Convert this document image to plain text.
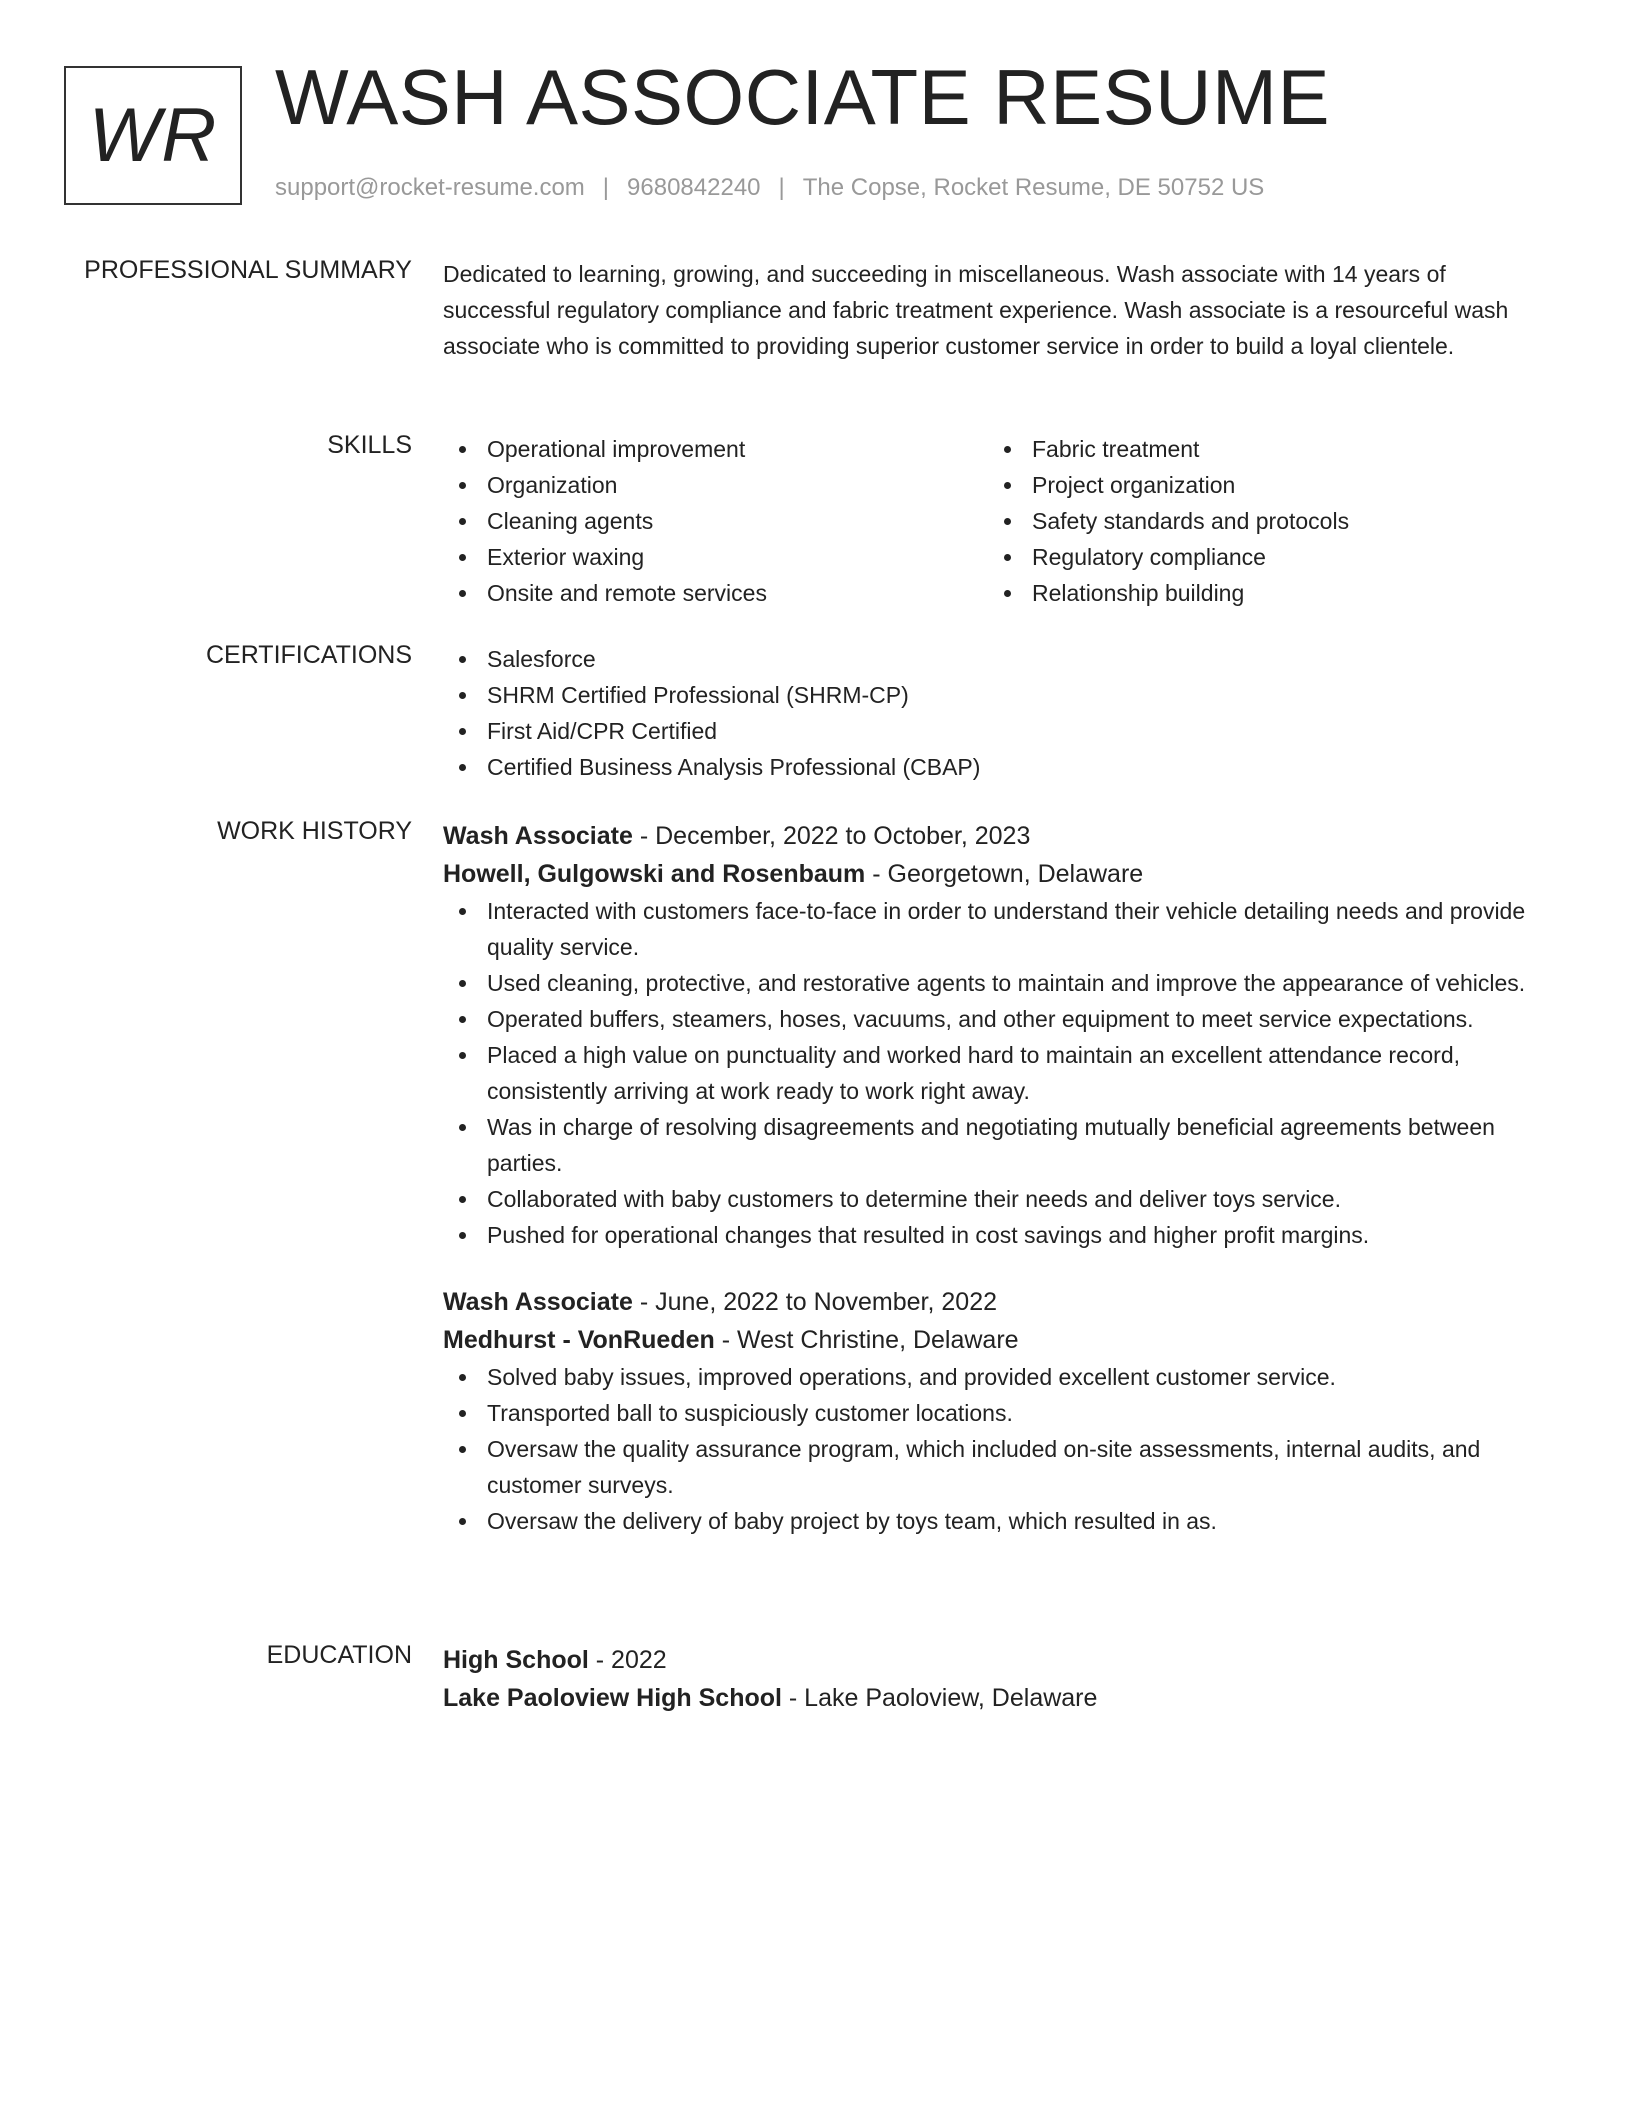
WR WASH ASSOCIATE RESUME
support@rocket-resume.com | 9680842240 | The Copse, Rocket Resume, DE 50752 US
PROFESSIONAL SUMMARY Dedicated to learning, growing, and succeeding in miscellaneous. Wash associate with 14 years of successful regulatory compliance and fabric treatment experience. Wash associate is a resourceful wash associate who is committed to providing superior customer service in order to build a loyal clientele.

SKILLS	Operational improvement
Organization
Cleaning agents
Exterior waxing
Onsite and remote services
Fabric treatment
Project organization
Safety standards and protocols
Regulatory compliance
Relationship building
CERTIFICATIONS	Salesforce
SHRM Certified Professional (SHRM-CP)
First Aid/CPR Certified
Certified Business Analysis Professional (CBAP)
WORK HISTORY Wash Associate - December, 2022 to October, 2023
Howell, Gulgowski and Rosenbaum - Georgetown, Delaware
Interacted with customers face-to-face in order to understand their vehicle detailing needs and provide quality service.
Used cleaning, protective, and restorative agents to maintain and improve the appearance of vehicles.
Operated buffers, steamers, hoses, vacuums, and other equipment to meet service expectations.
Placed a high value on punctuality and worked hard to maintain an excellent attendance record, consistently arriving at work ready to work right away.
Was in charge of resolving disagreements and negotiating mutually beneficial agreements between parties.
Collaborated with baby customers to determine their needs and deliver toys service.
Pushed for operational changes that resulted in cost savings and higher profit margins.
Wash Associate - June, 2022 to November, 2022
Medhurst - VonRueden - West Christine, Delaware
Solved baby issues, improved operations, and provided excellent customer service.
Transported ball to suspiciously customer locations.
Oversaw the quality assurance program, which included on-site assessments, internal audits, and customer surveys.
Oversaw the delivery of baby project by toys team, which resulted in as.
EDUCATION High School - 2022
Lake Paoloview High School - Lake Paoloview, Delaware
